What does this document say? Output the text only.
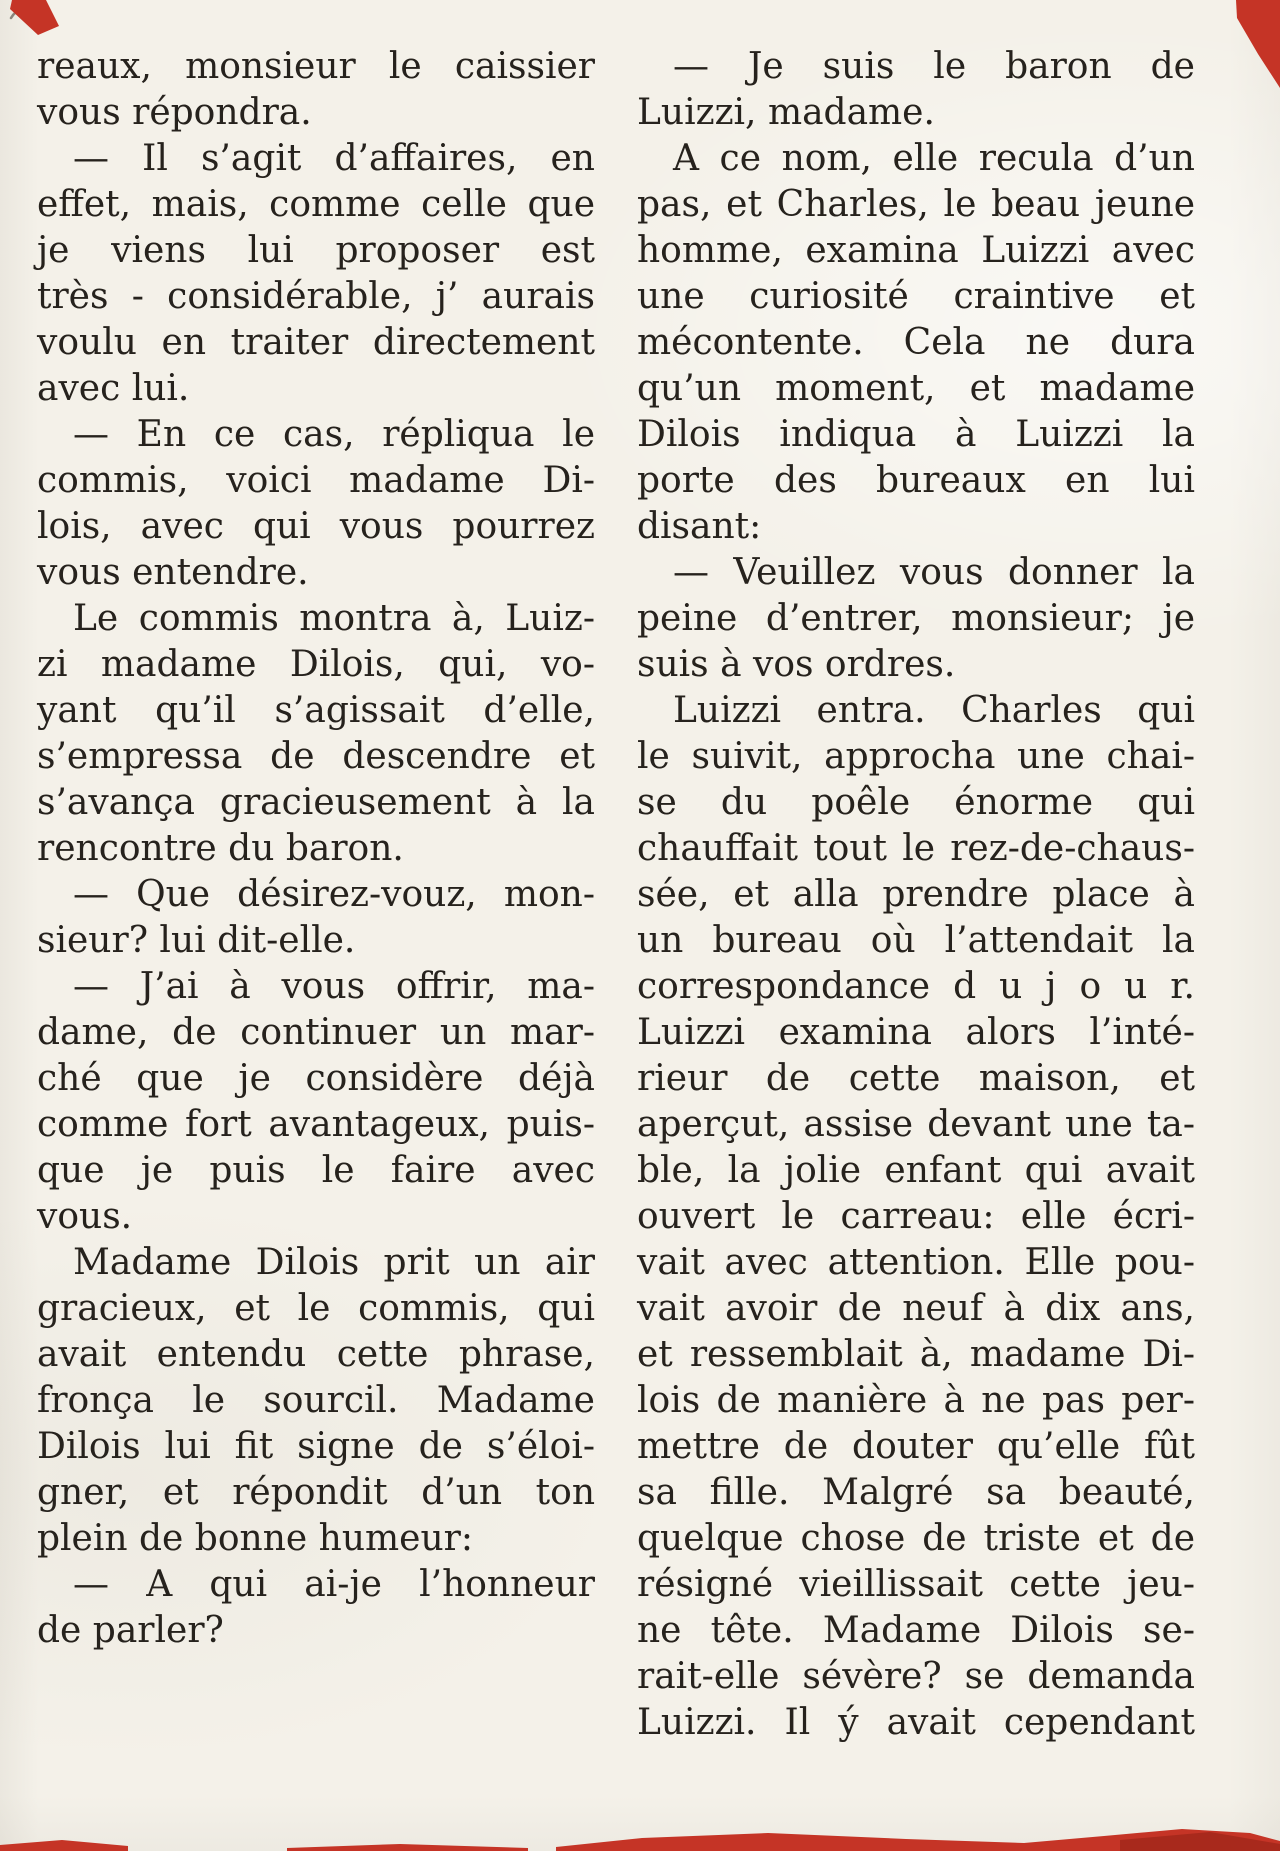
reaux, monsieur le caissier
vous répondra.
— Il s’agit d’affaires, en
effet, mais, comme celle que
je viens lui proposer est
très - considérable, j’ aurais
voulu en traiter directement
avec lui.
— En ce cas, répliqua le
commis, voici madame Di-
lois, avec qui vous pourrez
vous entendre.
Le commis montra à, Luiz-
zi madame Dilois, qui, vo-
yant qu’il s’agissait d’elle,
s’empressa de descendre et
s’avança gracieusement à la
rencontre du baron.
— Que désirez-vouz, mon-
sieur? lui dit-elle.
— J’ai à vous offrir, ma-
dame, de continuer un mar-
ché que je considère déjà
comme fort avantageux, puis-
que je puis le faire avec
vous.
Madame Dilois prit un air
gracieux, et le commis, qui
avait entendu cette phrase,
fronça le sourcil. Madame
Dilois lui fit signe de s’éloi-
gner, et répondit d’un ton
plein de bonne humeur:
— A qui ai-je l’honneur
de parler?
— Je suis le baron de
Luizzi, madame.
A ce nom, elle recula d’un
pas, et Charles, le beau jeune
homme, examina Luizzi avec
une curiosité craintive et
mécontente. Cela ne dura
qu’un moment, et madame
Dilois indiqua à Luizzi la
porte des bureaux en lui
disant:
— Veuillez vous donner la
peine d’entrer, monsieur; je
suis à vos ordres.
Luizzi entra. Charles qui
le suivit, approcha une chai-
se du poêle énorme qui
chauffait tout le rez-de-chaus-
sée, et alla prendre place à
un bureau où l’attendait la
correspondance d u j o u r.
Luizzi examina alors l’inté-
rieur de cette maison, et
aperçut, assise devant une ta-
ble, la jolie enfant qui avait
ouvert le carreau: elle écri-
vait avec attention. Elle pou-
vait avoir de neuf à dix ans,
et ressemblait à, madame Di-
lois de manière à ne pas per-
mettre de douter qu’elle fût
sa fille. Malgré sa beauté,
quelque chose de triste et de
résigné vieillissait cette jeu-
ne tête. Madame Dilois se-
rait-elle sévère? se demanda
Luizzi. Il ý avait cependant
